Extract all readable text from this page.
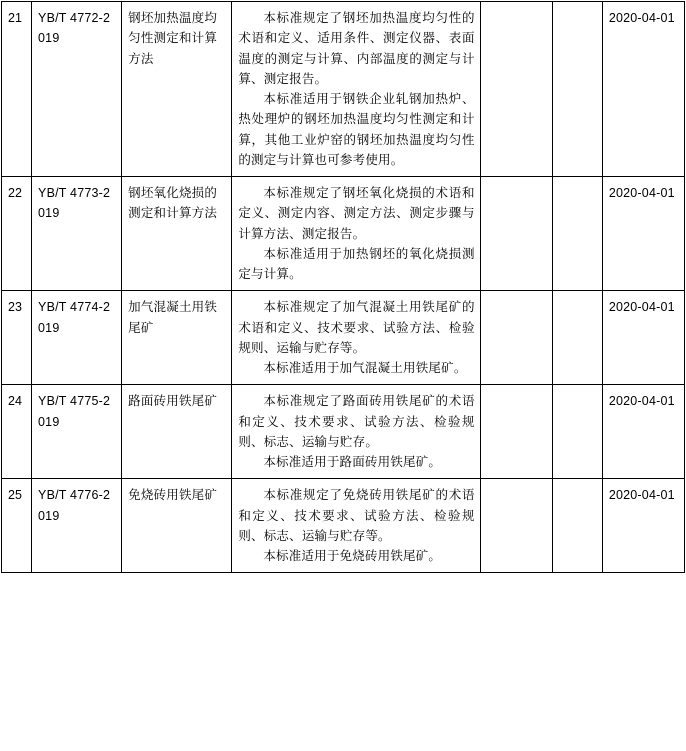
21	YB/T 4772-2019	钢坯加热温度均匀性测定和计算方法	本标准规定了钢坯加热温度均匀性的术语和定义、适用条件、测定仪器、表面温度的测定与计算、内部温度的测定与计算、测定报告。

本标准适用于钢铁企业轧钢加热炉、热处理炉的钢坯加热温度均匀性测定和计算，其他工业炉窑的钢坯加热温度均匀性的测定与计算也可参考使用。			2020-04-01
22	YB/T 4773-2019	钢坯氧化烧损的测定和计算方法	本标准规定了钢坯氧化烧损的术语和定义、测定内容、测定方法、测定步骤与计算方法、测定报告。

本标准适用于加热钢坯的氧化烧损测定与计算。			2020-04-01
23	YB/T 4774-2019	加气混凝土用铁尾矿	本标准规定了加气混凝土用铁尾矿的术语和定义、技术要求、试验方法、检验规则、运输与贮存等。

本标准适用于加气混凝土用铁尾矿。			2020-04-01
24	YB/T 4775-2019	路面砖用铁尾矿	本标准规定了路面砖用铁尾矿的术语和定义、技术要求、试验方法、检验规则、标志、运输与贮存。

本标准适用于路面砖用铁尾矿。			2020-04-01
25	YB/T 4776-2019	免烧砖用铁尾矿	本标准规定了免烧砖用铁尾矿的术语和定义、技术要求、试验方法、检验规则、标志、运输与贮存等。

本标准适用于免烧砖用铁尾矿。			2020-04-01
